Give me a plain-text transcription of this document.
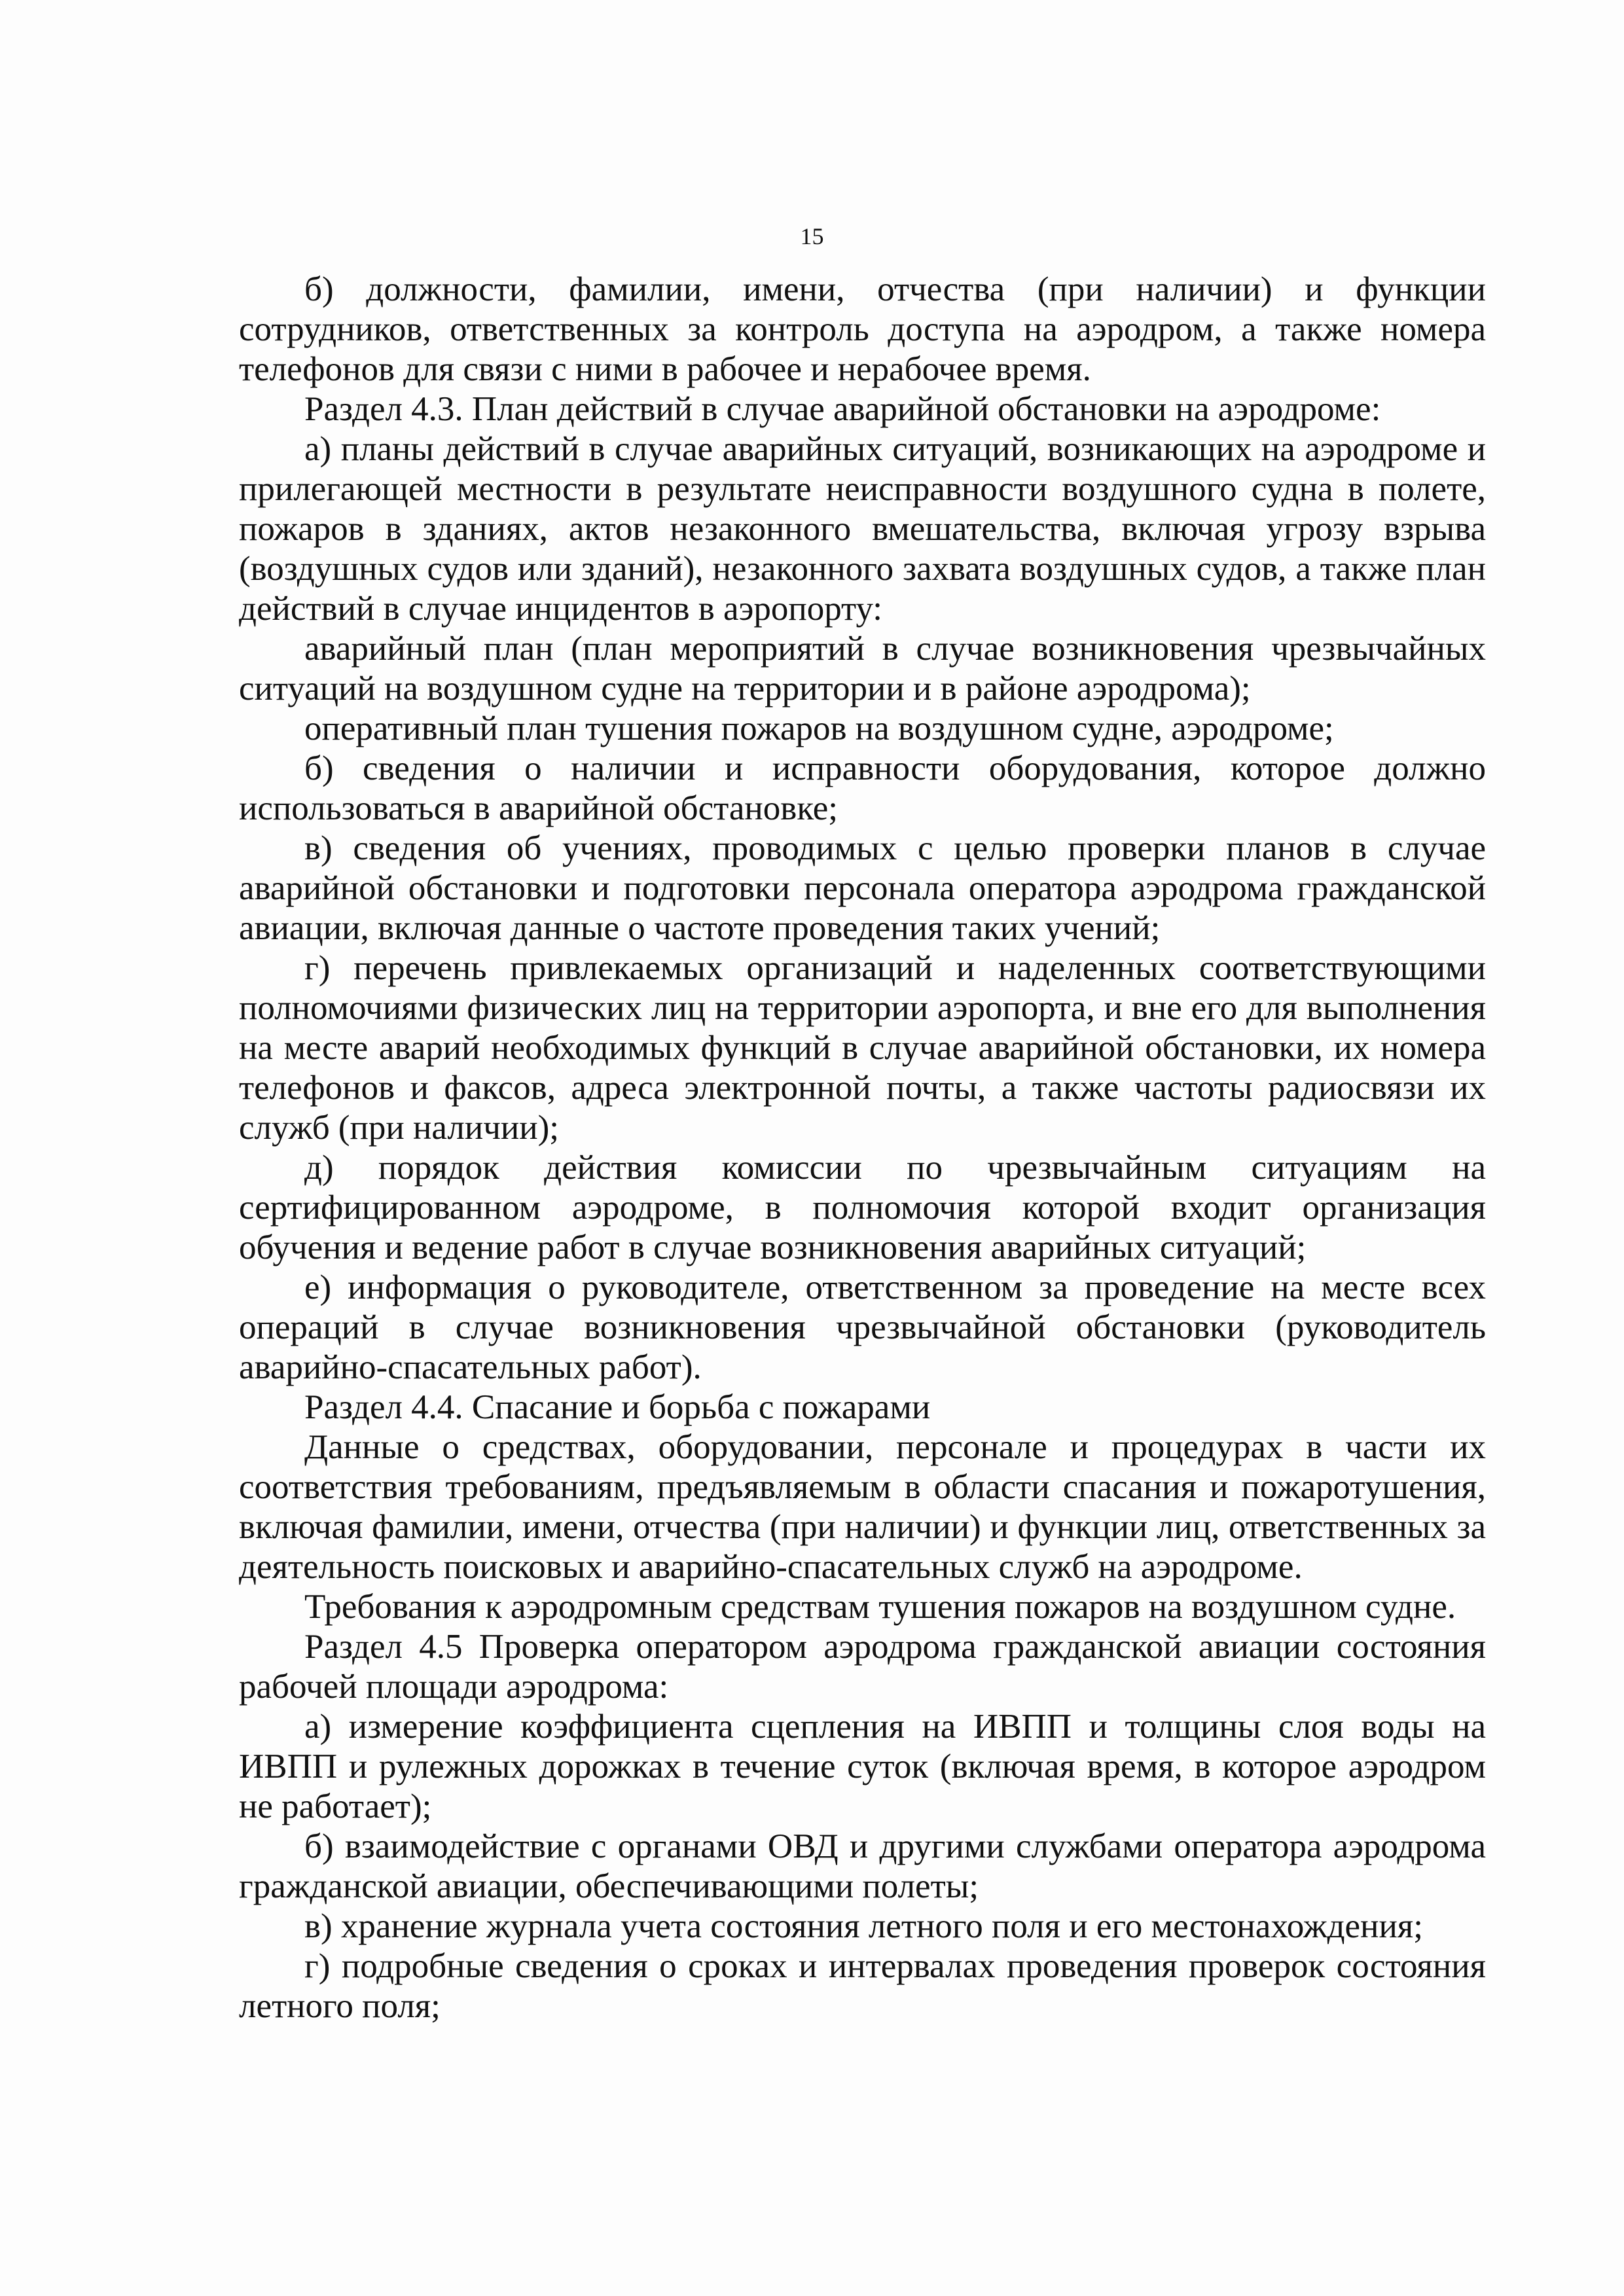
15

б) должности, фамилии, имени, отчества (при наличии) и функции сотрудников, ответственных за контроль доступа на аэродром, а также номера телефонов для связи с ними в рабочее и нерабочее время.

Раздел 4.3. План действий в случае аварийной обстановки на аэродроме:

а) планы действий в случае аварийных ситуаций, возникающих на аэродроме и прилегающей местности в результате неисправности воздушного судна в полете, пожаров в зданиях, актов незаконного вмешательства, включая угрозу взрыва (воздушных судов или зданий), незаконного захвата воздушных судов, а также план действий в случае инцидентов в аэропорту:

аварийный план (план мероприятий в случае возникновения чрезвычайных ситуаций на воздушном судне на территории и в районе аэродрома);

оперативный план тушения пожаров на воздушном судне, аэродроме;

б) сведения о наличии и исправности оборудования, которое должно использоваться в аварийной обстановке;

в) сведения об учениях, проводимых с целью проверки планов в случае аварийной обстановки и подготовки персонала оператора аэродрома гражданской авиации, включая данные о частоте проведения таких учений;

г) перечень привлекаемых организаций и наделенных соответствующими полномочиями физических лиц на территории аэропорта, и вне его для выполнения на месте аварий необходимых функций в случае аварийной обстановки, их номера телефонов и факсов, адреса электронной почты, а также частоты радиосвязи их служб (при наличии);

д) порядок действия комиссии по чрезвычайным ситуациям на сертифицированном аэродроме, в полномочия которой входит организация обучения и ведение работ в случае возникновения аварийных ситуаций;

е) информация о руководителе, ответственном за проведение на месте всех операций в случае возникновения чрезвычайной обстановки (руководитель аварийно-спасательных работ).

Раздел 4.4. Спасание и борьба с пожарами

Данные о средствах, оборудовании, персонале и процедурах в части их соответствия требованиям, предъявляемым в области спасания и пожаротушения, включая фамилии, имени, отчества (при наличии) и функции лиц, ответственных за деятельность поисковых и аварийно-спасательных служб на аэродроме.

Требования к аэродромным средствам тушения пожаров на воздушном судне.

Раздел 4.5 Проверка оператором аэродрома гражданской авиации состояния рабочей площади аэродрома:

а) измерение коэффициента сцепления на ИВПП и толщины слоя воды на ИВПП и рулежных дорожках в течение суток (включая время, в которое аэродром не работает);

б) взаимодействие с органами ОВД и другими службами оператора аэродрома гражданской авиации, обеспечивающими полеты;

в) хранение журнала учета состояния летного поля и его местонахождения;

г) подробные сведения о сроках и интервалах проведения проверок состояния летного поля;
